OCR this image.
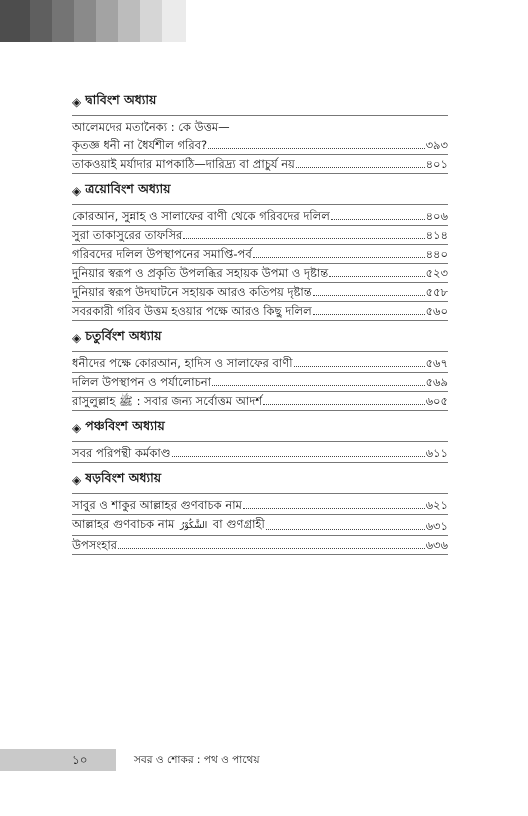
◈ দ্বাবিংশ অধ্যায়
আলেমদের মতানৈক্য : কে উত্তম—
কৃতজ্ঞ ধনী না ধৈর্যশীল গরিব?	৩৯৩
তাকওয়াই মর্যাদার মাপকাঠি—দারিদ্র্য বা প্রাচুর্য নয়	৪০১
◈ ত্রয়োবিংশ অধ্যায়
কোরআন, সুন্নাহ ও সালাফের বাণী থেকে গরিবদের দলিল	৪০৬
সুরা তাকাসুরের তাফসির	৪১৪
গরিবদের দলিল উপস্থাপনের সমাপ্তি-পর্ব	৪৪০
দুনিয়ার স্বরূপ ও প্রকৃতি উপলব্ধির সহায়ক উপমা ও দৃষ্টান্ত	৫২৩
দুনিয়ার স্বরূপ উদঘাটনে সহায়ক আরও কতিপয় দৃষ্টান্ত	৫৫৮
সবরকারী গরিব উত্তম হওয়ার পক্ষে আরও কিছু দলিল	৫৬০
◈ চতুর্বিংশ অধ্যায়
ধনীদের পক্ষে কোরআন, হাদিস ও সালাফের বাণী	৫৬৭
দলিল উপস্থাপন ও পর্যালোচনা	৫৬৯
রাসুলুল্লাহ ﷺ : সবার জন্য সর্বোত্তম আদর্শ	৬০৫
◈ পঞ্চবিংশ অধ্যায়
সবর পরিপন্থী কর্মকাণ্ড	৬১১
◈ ষড়বিংশ অধ্যায়
সাবুর ও শাকুর আল্লাহর গুণবাচক নাম	৬২১
আল্লাহর গুণবাচক নাম الشَّكُوْرُ বা গুণগ্রাহী	৬৩১
উপসংহার	৬৩৬
১০	সবর ও শোকর : পথ ও পাথেয়
